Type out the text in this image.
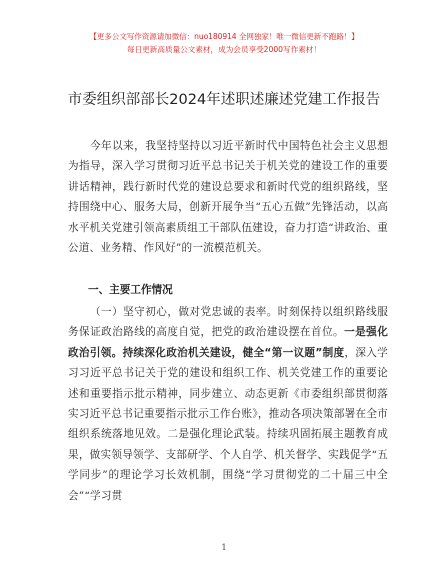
【更多公文写作资源请加微信：nuo180914 全网独家！唯一微信更新不跑路！】
每日更新高质量公文素材，成为会员享受2000写作素材！
市委组织部部长2024年述职述廉述党建工作报告
今年以来，我坚持坚持以习近平新时代中国特色社会主义思想为指导，深入学习贯彻习近平总书记关于机关党的建设工作的重要讲话精神，践行新时代党的建设总要求和新时代党的组织路线，坚持围绕中心、服务大局，创新开展争当“五心五做”先锋活动，以高水平机关党建引领高素质组工干部队伍建设，奋力打造“讲政治、重公道、业务精、作风好”的一流模范机关。
一、主要工作情况
（一）坚守初心，做对党忠诚的表率。时刻保持以组织路线服务保证政治路线的高度自觉，把党的政治建设摆在首位。一是强化政治引领。持续深化政治机关建设，健全“第一议题”制度，深入学习习近平总书记关于党的建设和组织工作、机关党建工作的重要论述和重要指示批示精神，同步建立、动态更新《市委组织部贯彻落实习近平总书记重要指示批示工作台账》，推动各项决策部署在全市组织系统落地见效。二是强化理论武装。持续巩固拓展主题教育成果，做实领导领学、支部研学、个人自学、机关督学、实践促学“五学同步”的理论学习长效机制，围绕“学习贯彻党的二十届三中全会”“学习贯
1
